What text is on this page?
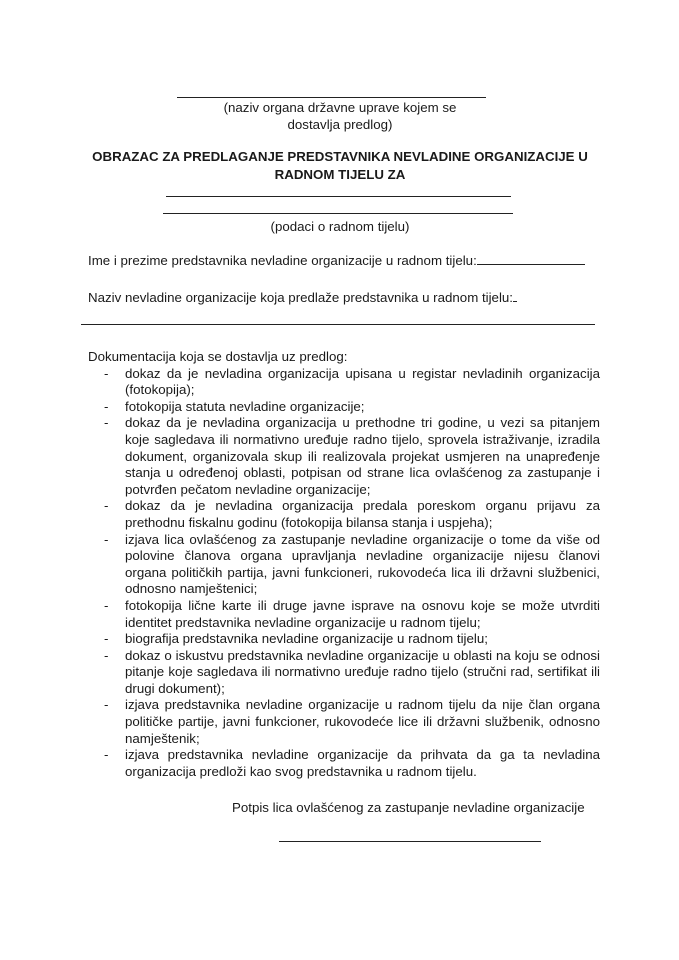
(naziv organa državne uprave kojem se
dostavlja predlog)
OBRAZAC ZA PREDLAGANJE PREDSTAVNIKA NEVLADINE ORGANIZACIJE U
RADNOM TIJELU ZA
(podaci o radnom tijelu)
Ime i prezime predstavnika nevladine organizacije u radnom tijelu:
Naziv nevladine organizacije koja predlaže predstavnika u radnom tijelu:
Dokumentacija koja se dostavlja uz predlog:
- dokaz da je nevladina organizacija upisana u registar nevladinih organizacija (fotokopija);
- fotokopija statuta nevladine organizacije;
- dokaz da je nevladina organizacija u prethodne tri godine, u vezi sa pitanjem koje sagledava ili normativno uređuje radno tijelo, sprovela istraživanje, izradila dokument, organizovala skup ili realizovala projekat usmjeren na unapređenje stanja u određenoj oblasti, potpisan od strane lica ovlašćenog za zastupanje i potvrđen pečatom nevladine organizacije;
- dokaz da je nevladina organizacija predala poreskom organu prijavu za prethodnu fiskalnu godinu (fotokopija bilansa stanja i uspjeha);
- izjava lica ovlašćenog za zastupanje nevladine organizacije o tome da više od polovine članova organa upravljanja nevladine organizacije nijesu članovi organa političkih partija, javni funkcioneri, rukovodeća lica ili državni službenici, odnosno namještenici;
- fotokopija lične karte ili druge javne isprave na osnovu koje se može utvrditi identitet predstavnika nevladine organizacije u radnom tijelu;
- biografija predstavnika nevladine organizacije u radnom tijelu;
- dokaz o iskustvu predstavnika nevladine organizacije u oblasti na koju se odnosi pitanje koje sagledava ili normativno uređuje radno tijelo (stručni rad, sertifikat ili drugi dokument);
- izjava predstavnika nevladine organizacije u radnom tijelu da nije član organa političke partije, javni funkcioner, rukovodeće lice ili državni službenik, odnosno namještenik;
- izjava predstavnika nevladine organizacije da prihvata da ga ta nevladina organizacija predloži kao svog predstavnika u radnom tijelu.
Potpis lica ovlašćenog za zastupanje nevladine organizacije
